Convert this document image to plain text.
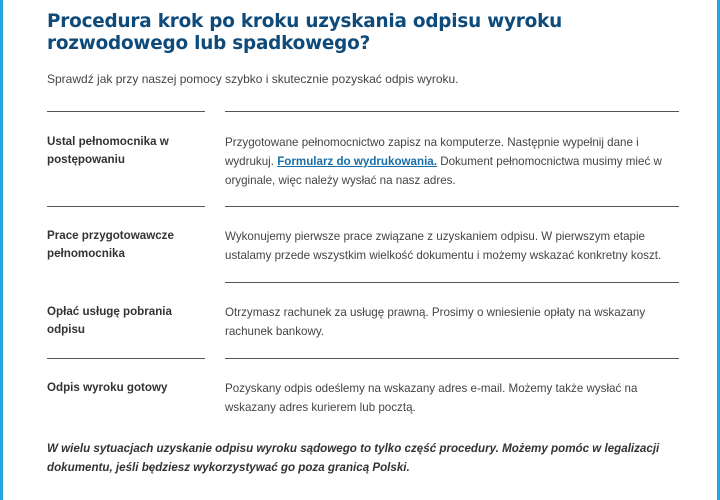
Procedura krok po kroku uzyskania odpisu wyroku rozwodowego lub spadkowego?
Sprawdź jak przy naszej pomocy szybko i skutecznie pozyskać odpis wyroku.
Ustal pełnomocnika w postępowaniu
Przygotowane pełnomocnictwo zapisz na komputerze. Następnie wypełnij dane i wydrukuj. Formularz do wydrukowania. Dokument pełnomocnictwa musimy mieć w oryginale, więc należy wysłać na nasz adres.
Prace przygotowawcze pełnomocnika
Wykonujemy pierwsze prace związane z uzyskaniem odpisu. W pierwszym etapie ustalamy przede wszystkim wielkość dokumentu i możemy wskazać konkretny koszt.
Opłać usługę pobrania odpisu
Otrzymasz rachunek za usługę prawną. Prosimy o wniesienie opłaty na wskazany rachunek bankowy.
Odpis wyroku gotowy	Pozyskany odpis odeślemy na wskazany adres e-mail. Możemy także wysłać na wskazany adres kurierem lub pocztą.
W wielu sytuacjach uzyskanie odpisu wyroku sądowego to tylko część procedury. Możemy pomóc w legalizacji dokumentu, jeśli będziesz wykorzystywać go poza granicą Polski.
